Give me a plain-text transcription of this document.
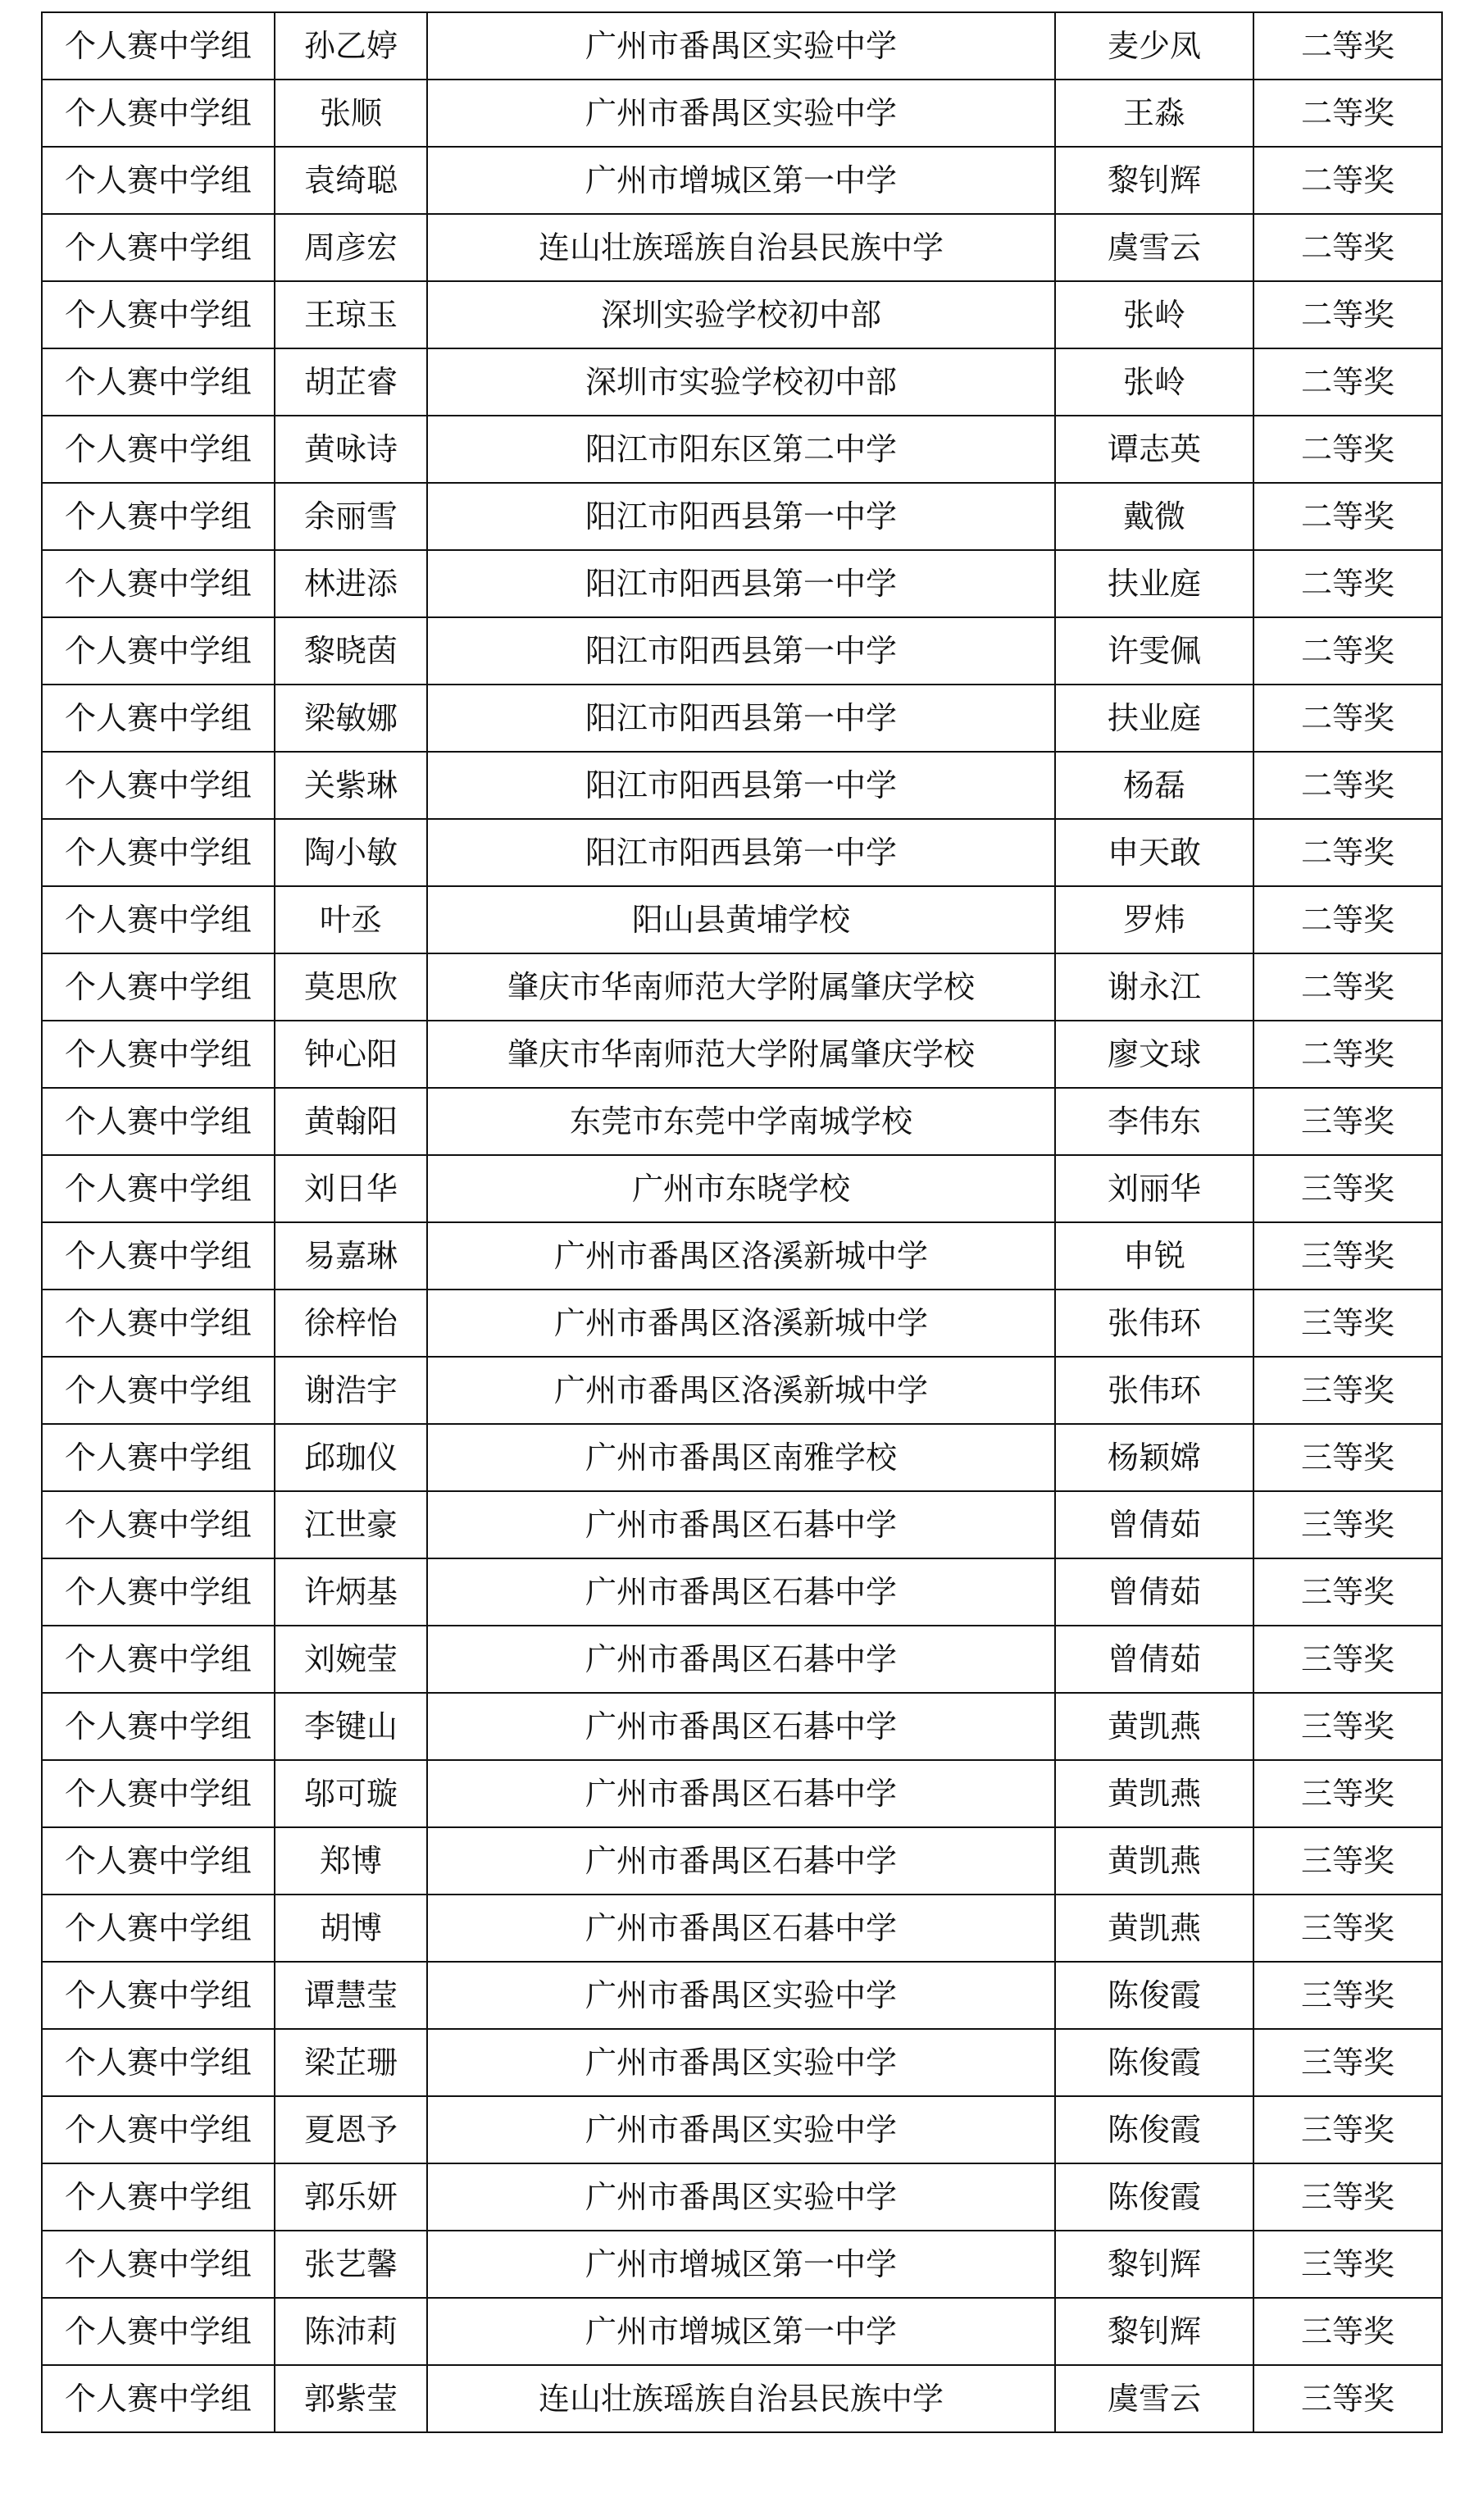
个人赛中学组	孙乙婷	广州市番禺区实验中学	麦少凤	二等奖
个人赛中学组	张顺	广州市番禺区实验中学	王淼	二等奖
个人赛中学组	袁绮聪	广州市增城区第一中学	黎钊辉	二等奖
个人赛中学组	周彦宏	连山壮族瑶族自治县民族中学	虞雪云	二等奖
个人赛中学组	王琼玉	深圳实验学校初中部	张岭	二等奖
个人赛中学组	胡芷睿	深圳市实验学校初中部	张岭	二等奖
个人赛中学组	黄咏诗	阳江市阳东区第二中学	谭志英	二等奖
个人赛中学组	余丽雪	阳江市阳西县第一中学	戴微	二等奖
个人赛中学组	林进添	阳江市阳西县第一中学	扶业庭	二等奖
个人赛中学组	黎晓茵	阳江市阳西县第一中学	许雯佩	二等奖
个人赛中学组	梁敏娜	阳江市阳西县第一中学	扶业庭	二等奖
个人赛中学组	关紫琳	阳江市阳西县第一中学	杨磊	二等奖
个人赛中学组	陶小敏	阳江市阳西县第一中学	申天敢	二等奖
个人赛中学组	叶丞	阳山县黄埔学校	罗炜	二等奖
个人赛中学组	莫思欣	肇庆市华南师范大学附属肇庆学校	谢永江	二等奖
个人赛中学组	钟心阳	肇庆市华南师范大学附属肇庆学校	廖文球	二等奖
个人赛中学组	黄翰阳	东莞市东莞中学南城学校	李伟东	三等奖
个人赛中学组	刘日华	广州市东晓学校	刘丽华	三等奖
个人赛中学组	易嘉琳	广州市番禺区洛溪新城中学	申锐	三等奖
个人赛中学组	徐梓怡	广州市番禺区洛溪新城中学	张伟环	三等奖
个人赛中学组	谢浩宇	广州市番禺区洛溪新城中学	张伟环	三等奖
个人赛中学组	邱珈仪	广州市番禺区南雅学校	杨颖嫦	三等奖
个人赛中学组	江世豪	广州市番禺区石碁中学	曾倩茹	三等奖
个人赛中学组	许炳基	广州市番禺区石碁中学	曾倩茹	三等奖
个人赛中学组	刘婉莹	广州市番禺区石碁中学	曾倩茹	三等奖
个人赛中学组	李键山	广州市番禺区石碁中学	黄凯燕	三等奖
个人赛中学组	邬可璇	广州市番禺区石碁中学	黄凯燕	三等奖
个人赛中学组	郑博	广州市番禺区石碁中学	黄凯燕	三等奖
个人赛中学组	胡博	广州市番禺区石碁中学	黄凯燕	三等奖
个人赛中学组	谭慧莹	广州市番禺区实验中学	陈俊霞	三等奖
个人赛中学组	梁芷珊	广州市番禺区实验中学	陈俊霞	三等奖
个人赛中学组	夏恩予	广州市番禺区实验中学	陈俊霞	三等奖
个人赛中学组	郭乐妍	广州市番禺区实验中学	陈俊霞	三等奖
个人赛中学组	张艺馨	广州市增城区第一中学	黎钊辉	三等奖
个人赛中学组	陈沛莉	广州市增城区第一中学	黎钊辉	三等奖
个人赛中学组	郭紫莹	连山壮族瑶族自治县民族中学	虞雪云	三等奖
